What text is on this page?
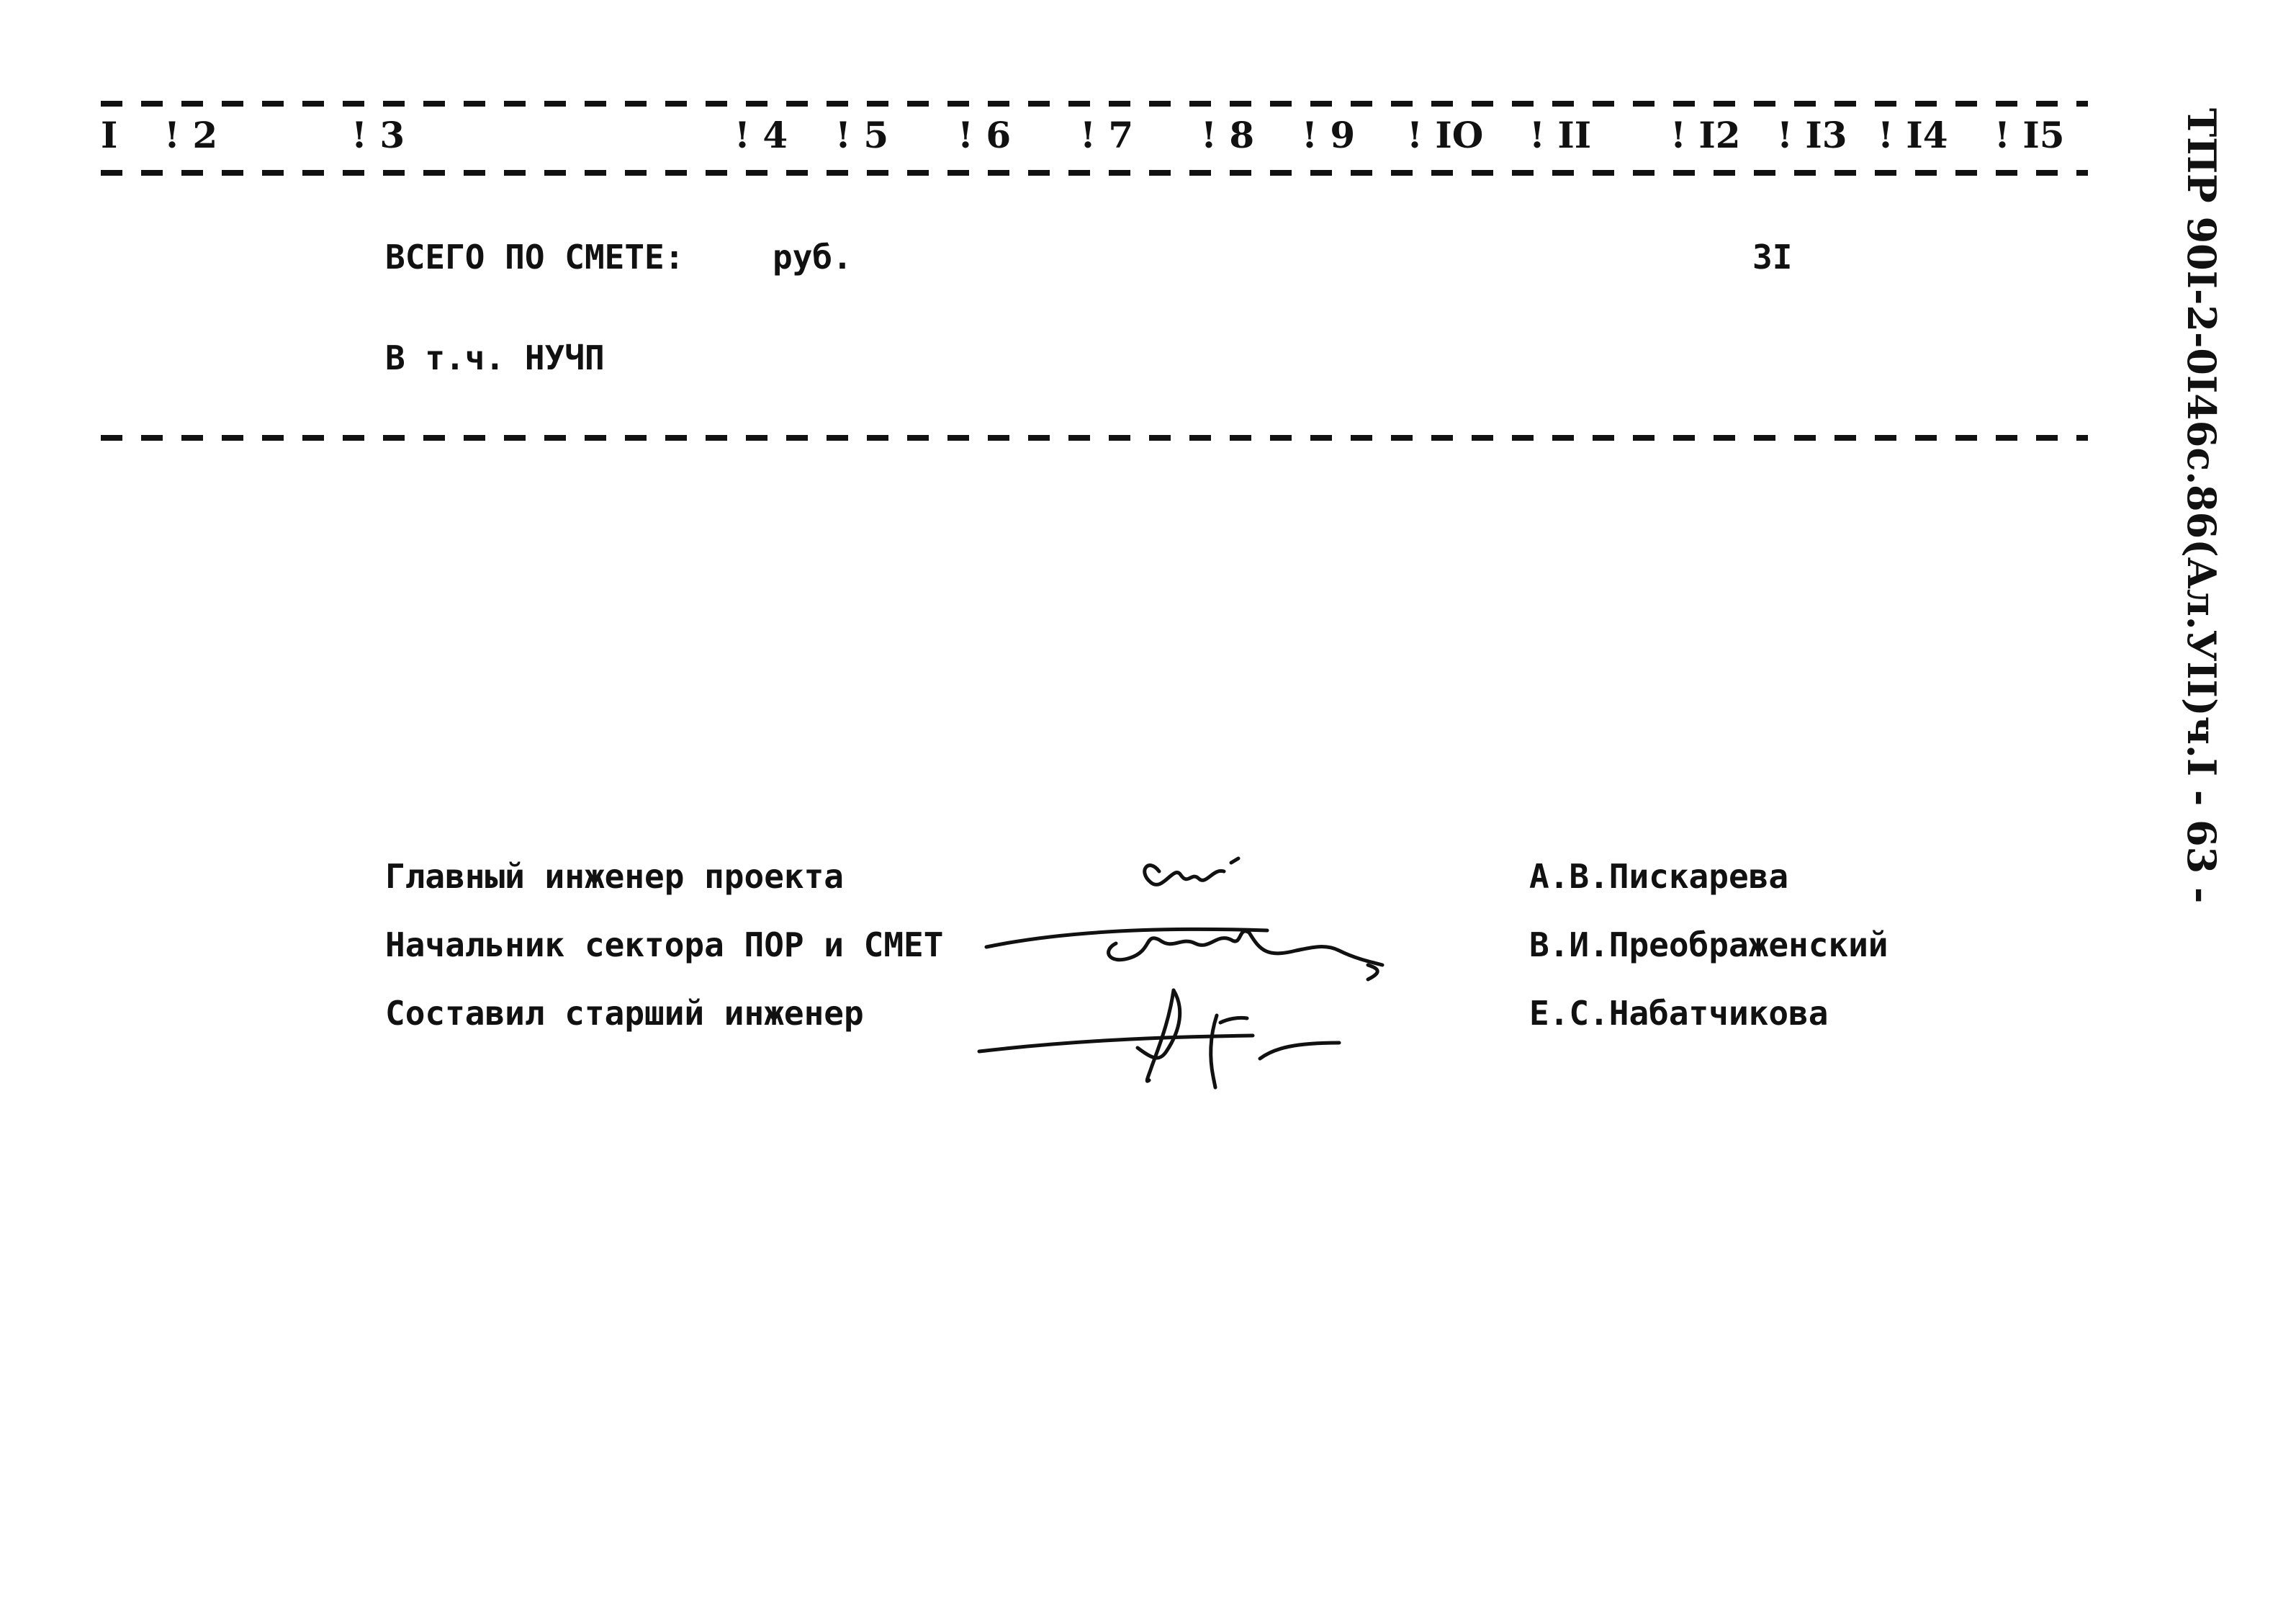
I ! 2	! 3	! 4 ! 5 ! 6 ! 7 ! 8 ! 9 ! IO ! II ! I2 ! I3 ! I4 ! I5
ВСЕГО ПО СМЕТЕ:	руб.	3I
В т.ч. НУЧП
Главный инженер проекта	А.В.Пискарева
Начальник сектора ПОР и СМЕТ	В.И.Преображенский
Составил старший инженер	Е.С.Набатчикова
ТПР 90I-2-0I46с.86(Ал.УII)ч.I - 63 -
